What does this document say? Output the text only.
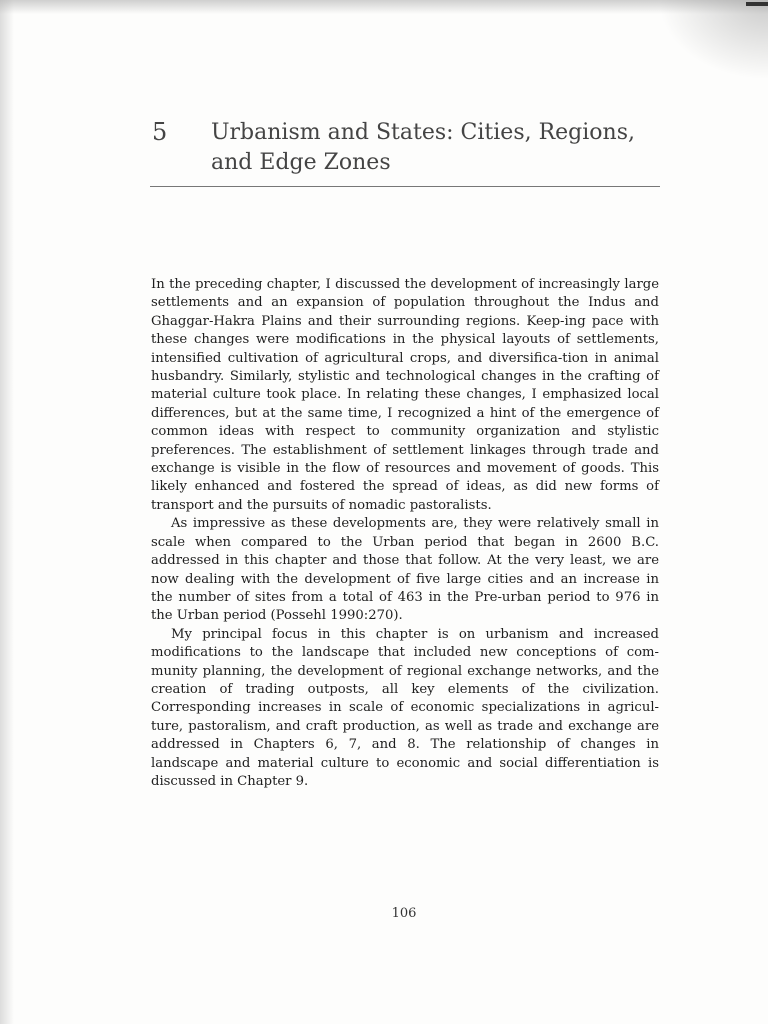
5 Urbanism and States: Cities, Regions, and Edge Zones

In the preceding chapter, I discussed the development of increasingly large settlements and an expansion of population throughout the Indus and Ghaggar-Hakra Plains and their surrounding regions. Keep-ing pace with these changes were modifications in the physical layouts of settlements, intensified cultivation of agricultural crops, and diversifica-tion in animal husbandry. Similarly, stylistic and technological changes in the crafting of material culture took place. In relating these changes, I emphasized local differences, but at the same time, I recognized a hint of the emergence of common ideas with respect to community organization and stylistic preferences. The establishment of settlement linkages through trade and exchange is visible in the flow of resources and movement of goods. This likely enhanced and fostered the spread of ideas, as did new forms of transport and the pursuits of nomadic pastoralists.

As impressive as these developments are, they were relatively small in scale when compared to the Urban period that began in 2600 B.C. addressed in this chapter and those that follow. At the very least, we are now dealing with the development of five large cities and an increase in the number of sites from a total of 463 in the Pre-urban period to 976 in the Urban period (Possehl 1990:270).

My principal focus in this chapter is on urbanism and increased modifications to the landscape that included new conceptions of com-munity planning, the development of regional exchange networks, and the creation of trading outposts, all key elements of the civilization. Corresponding increases in scale of economic specializations in agricul-ture, pastoralism, and craft production, as well as trade and exchange are addressed in Chapters 6, 7, and 8. The relationship of changes in landscape and material culture to economic and social differentiation is discussed in Chapter 9.

106
